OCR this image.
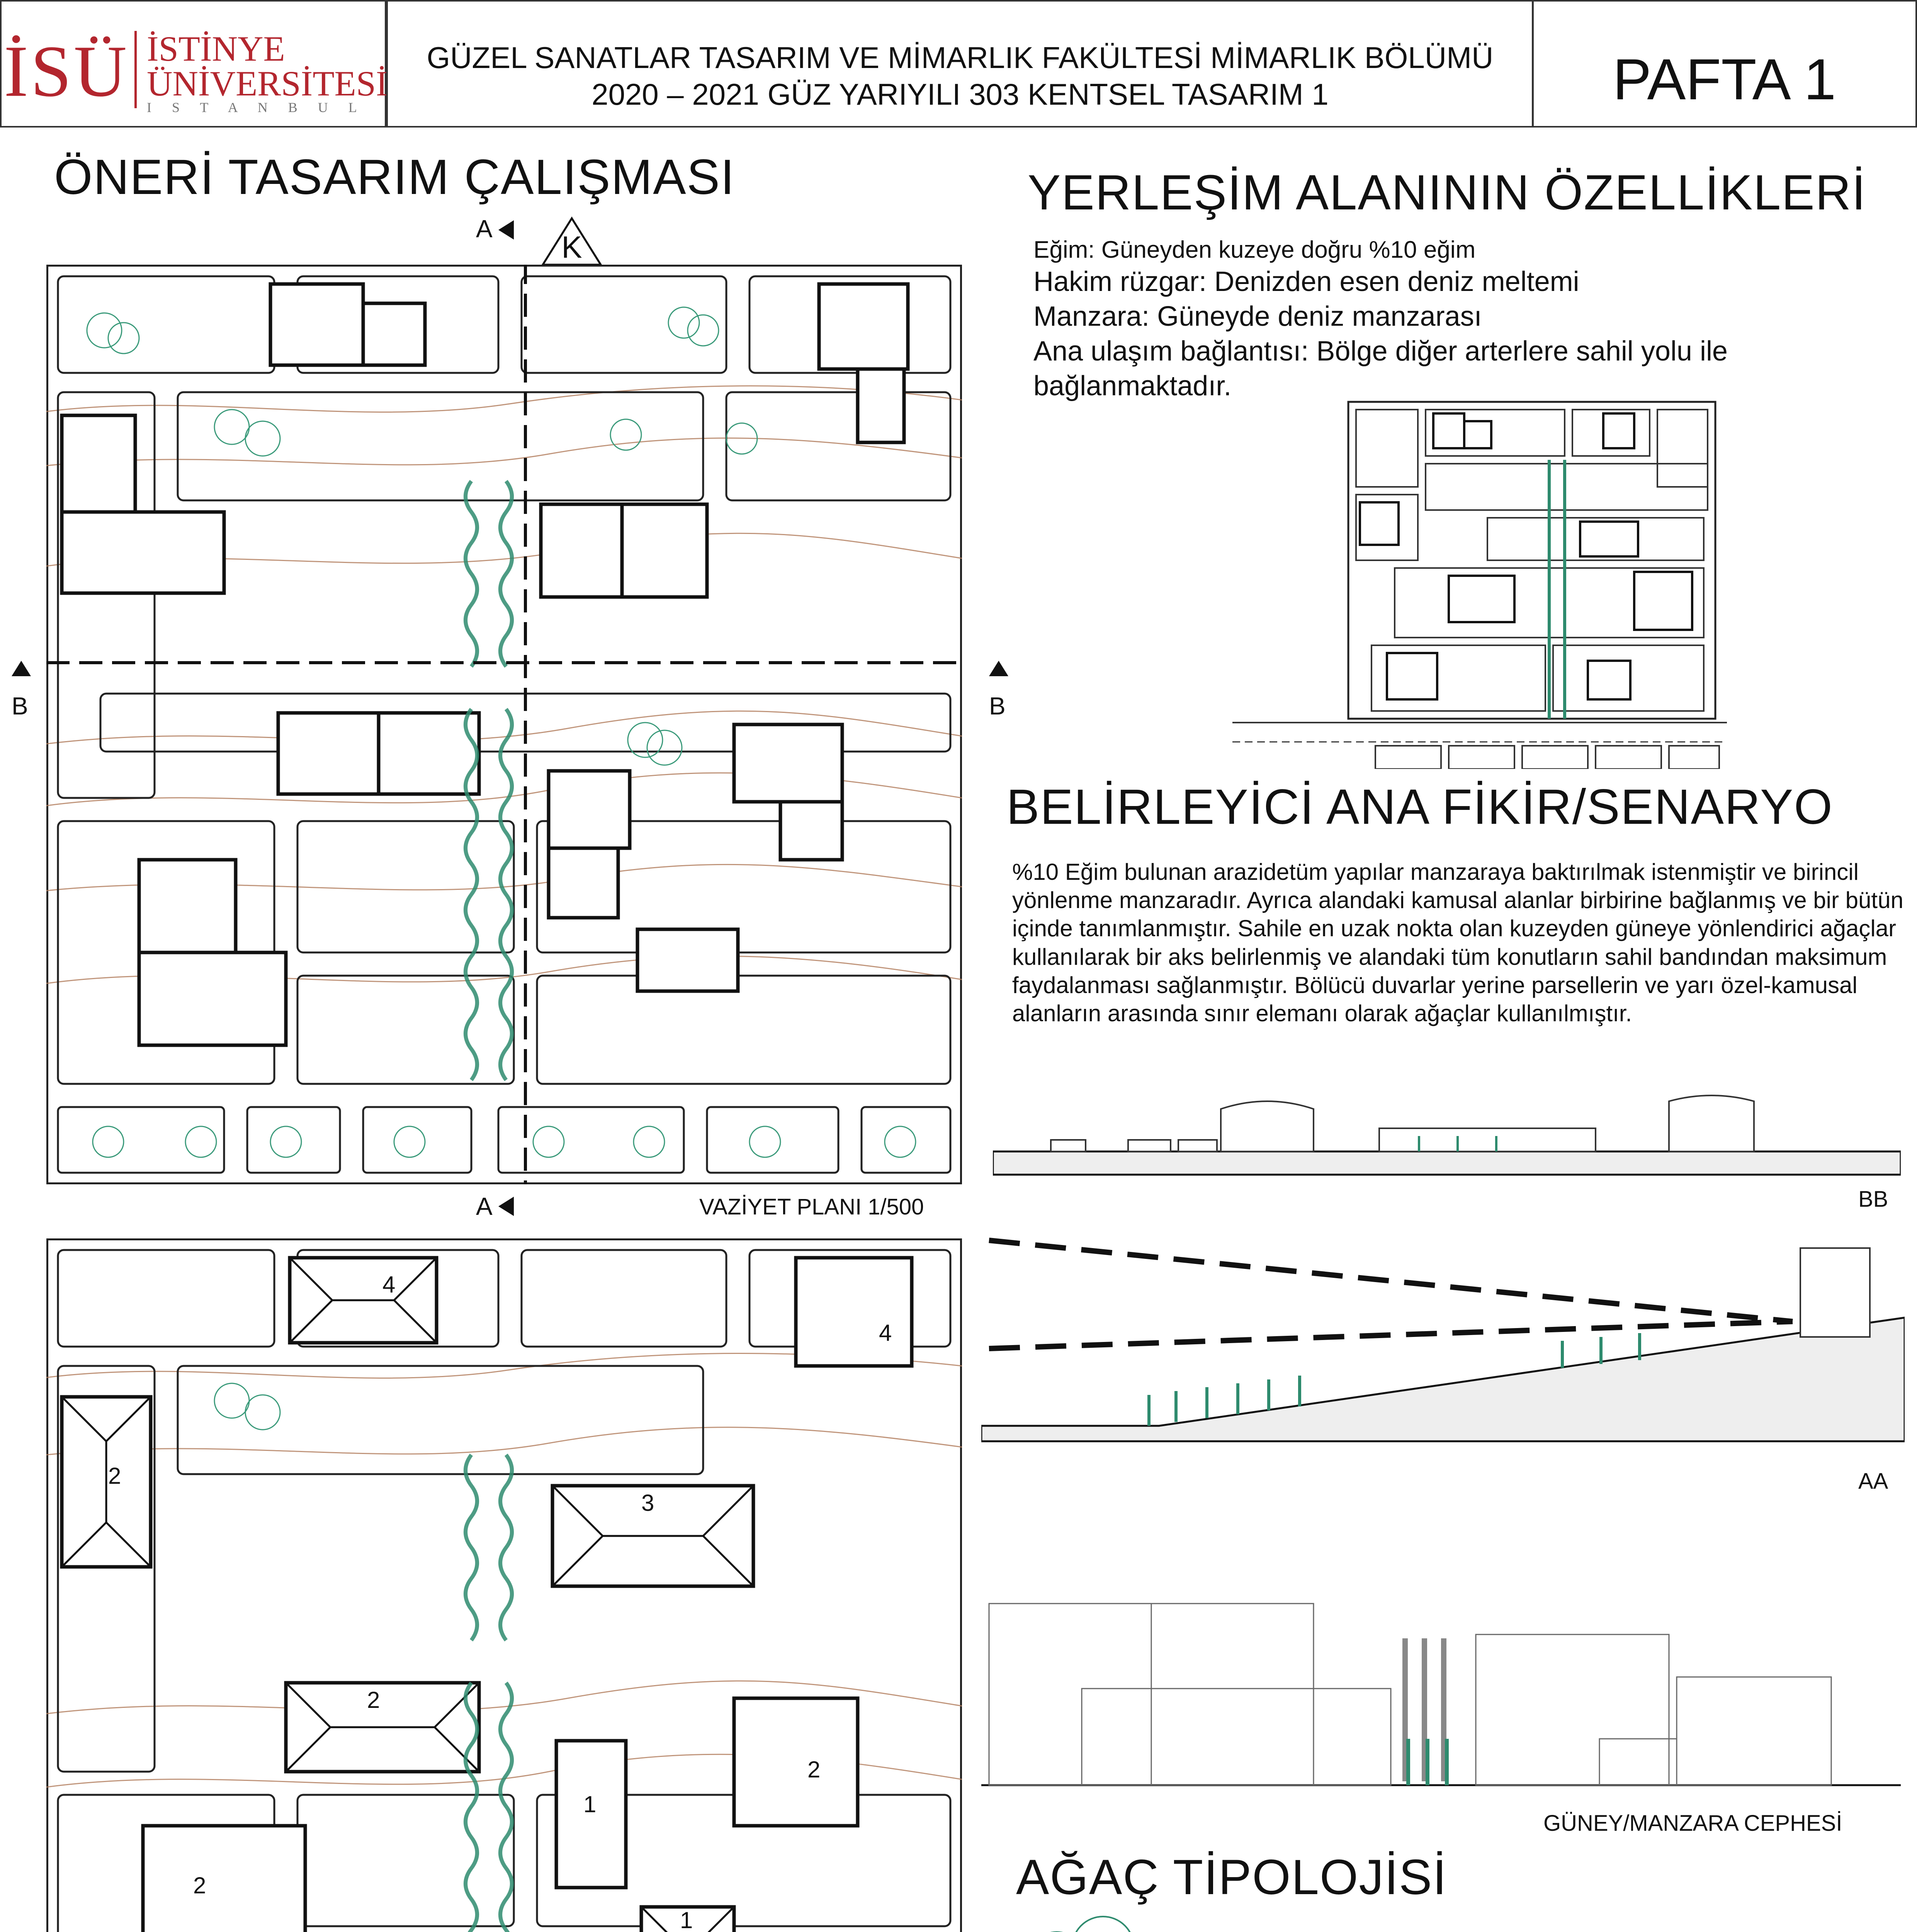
İSÜ İSTİNYE
ÜNİVERSİTESİ
I S T A N B U L
GÜZEL SANATLAR TASARIM VE MİMARLIK FAKÜLTESİ MİMARLIK BÖLÜMÜ
2020 – 2021 GÜZ YARIYILI 303 KENTSEL TASARIM 1	PAFTA 1
ÖNERİ TASARIM ÇALIŞMASI
K
A
A
B	B
VAZİYET PLANI 1/500
4
4
2
3
2
2
1
2
1
YERLEŞİM ALANININ ÖZELLİKLERİ
Eğim: Güneyden kuzeye doğru %10 eğim
Hakim rüzgar: Denizden esen deniz meltemi
Manzara: Güneyde deniz manzarası
Ana ulaşım bağlantısı: Bölge diğer arterlere sahil yolu ile bağlanmaktadır.
BELİRLEYİCİ ANA FİKİR/SENARYO
%10 Eğim bulunan arazidetüm yapılar manzaraya baktırılmak istenmiştir ve birincil yönlenme manzaradır. Ayrıca alandaki kamusal alanlar birbirine bağlanmış ve bir bütün içinde tanımlanmıştır. Sahile en uzak nokta olan kuzeyden güneye yönlendirici ağaçlar kullanılarak bir aks belirlenmiş ve alandaki tüm konutların sahil bandından maksimum faydalanması sağlanmıştır. Bölücü duvarlar yerine parsellerin ve yarı özel-kamusal alanların arasında sınır elemanı olarak ağaçlar kullanılmıştır.
BB
AA
GÜNEY/MANZARA CEPHESİ
AĞAÇ TİPOLOJİSİ
